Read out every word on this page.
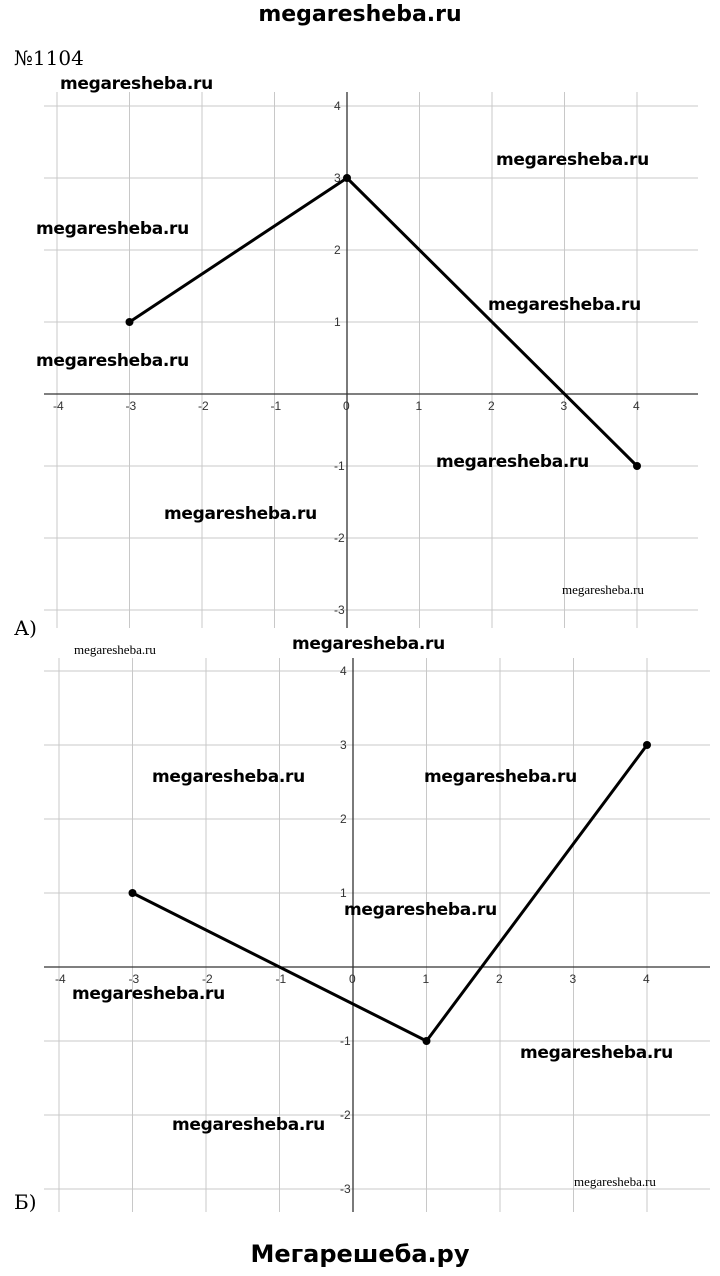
megaresheba.ru
№1104
-4	-3	-2	-1	0	1	2	3	4
-3
-2
-1
1
2
3
4
А)
-4	-3	-2	-1	0	1	2	3	4
-3
-2
-1
1
2
3
4
Б)
megaresheba.ru
megaresheba.ru
megaresheba.ru
megaresheba.ru
megaresheba.ru
megaresheba.ru
megaresheba.ru
megaresheba.ru
megaresheba.ru	megaresheba.ru
megaresheba.ru	megaresheba.ru
megaresheba.ru
megaresheba.ru
megaresheba.ru
megaresheba.ru
megaresheba.ru
Мегарешеба.ру
